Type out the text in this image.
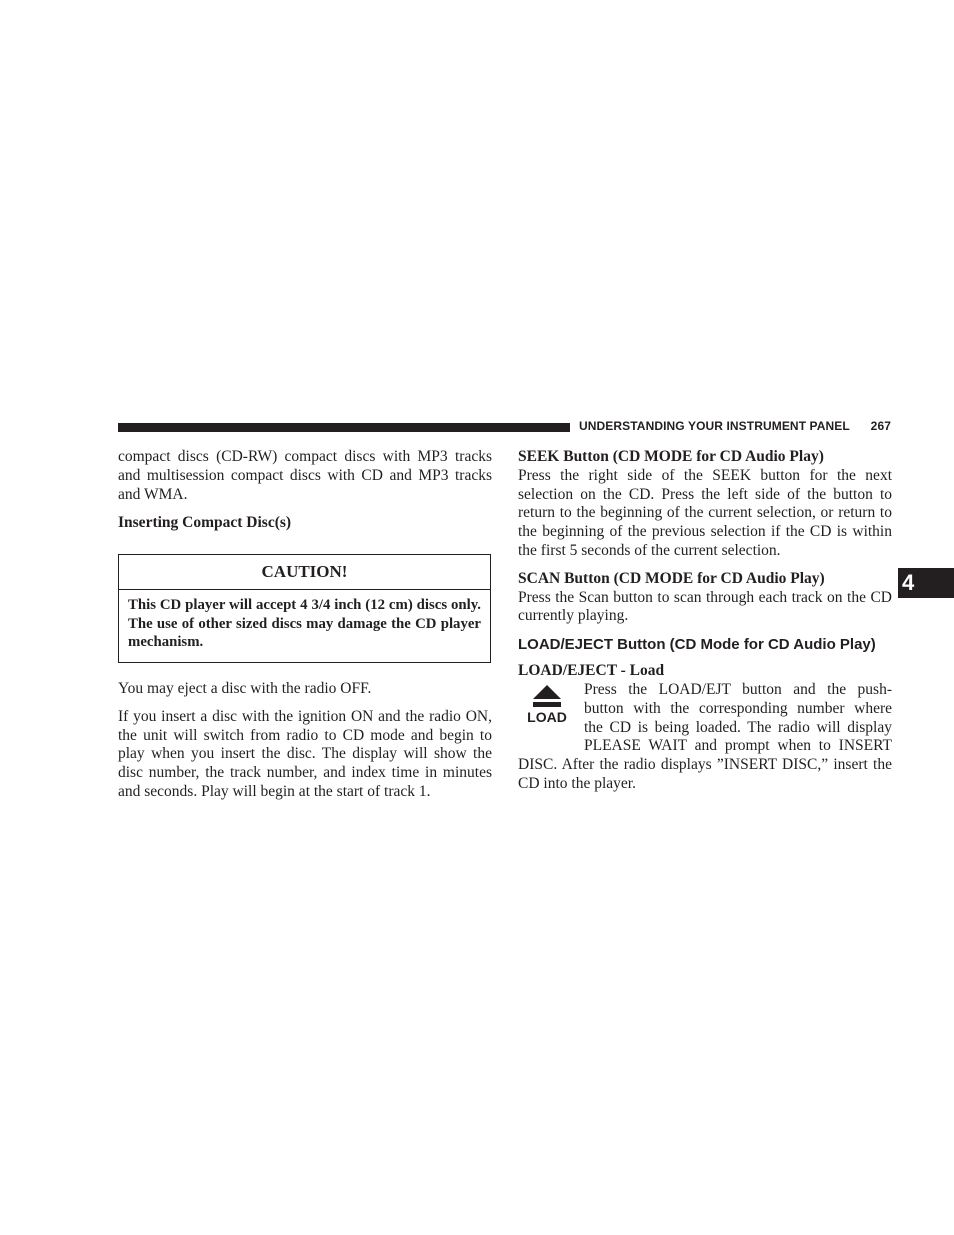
UNDERSTANDING YOUR INSTRUMENT PANEL 267
4

compact discs (CD-RW) compact discs with MP3 tracks and multisession compact discs with CD and MP3 tracks and WMA.

Inserting Compact Disc(s)
CAUTION!
This CD player will accept 4 3/4 inch (12 cm) discs only. The use of other sized discs may damage the CD player mechanism.

You may eject a disc with the radio OFF.

If you insert a disc with the ignition ON and the radio ON, the unit will switch from radio to CD mode and begin to play when you insert the disc. The display will show the disc number, the track number, and index time in minutes and seconds. Play will begin at the start of track 1.

SEEK Button (CD MODE for CD Audio Play)

Press the right side of the SEEK button for the next selection on the CD. Press the left side of the button to return to the beginning of the current selection, or return to the beginning of the previous selection if the CD is within the first 5 seconds of the current selection.

SCAN Button (CD MODE for CD Audio Play)

Press the Scan button to scan through each track on the CD currently playing.

LOAD/EJECT Button (CD Mode for CD Audio Play)
LOAD/EJECT - Load
LOAD

Press the LOAD/EJT button and the push-
button with the corresponding number where
the CD is being loaded. The radio will display
PLEASE WAIT and prompt when to INSERT

DISC. After the radio displays ”INSERT DISC,” insert the CD into the player.
